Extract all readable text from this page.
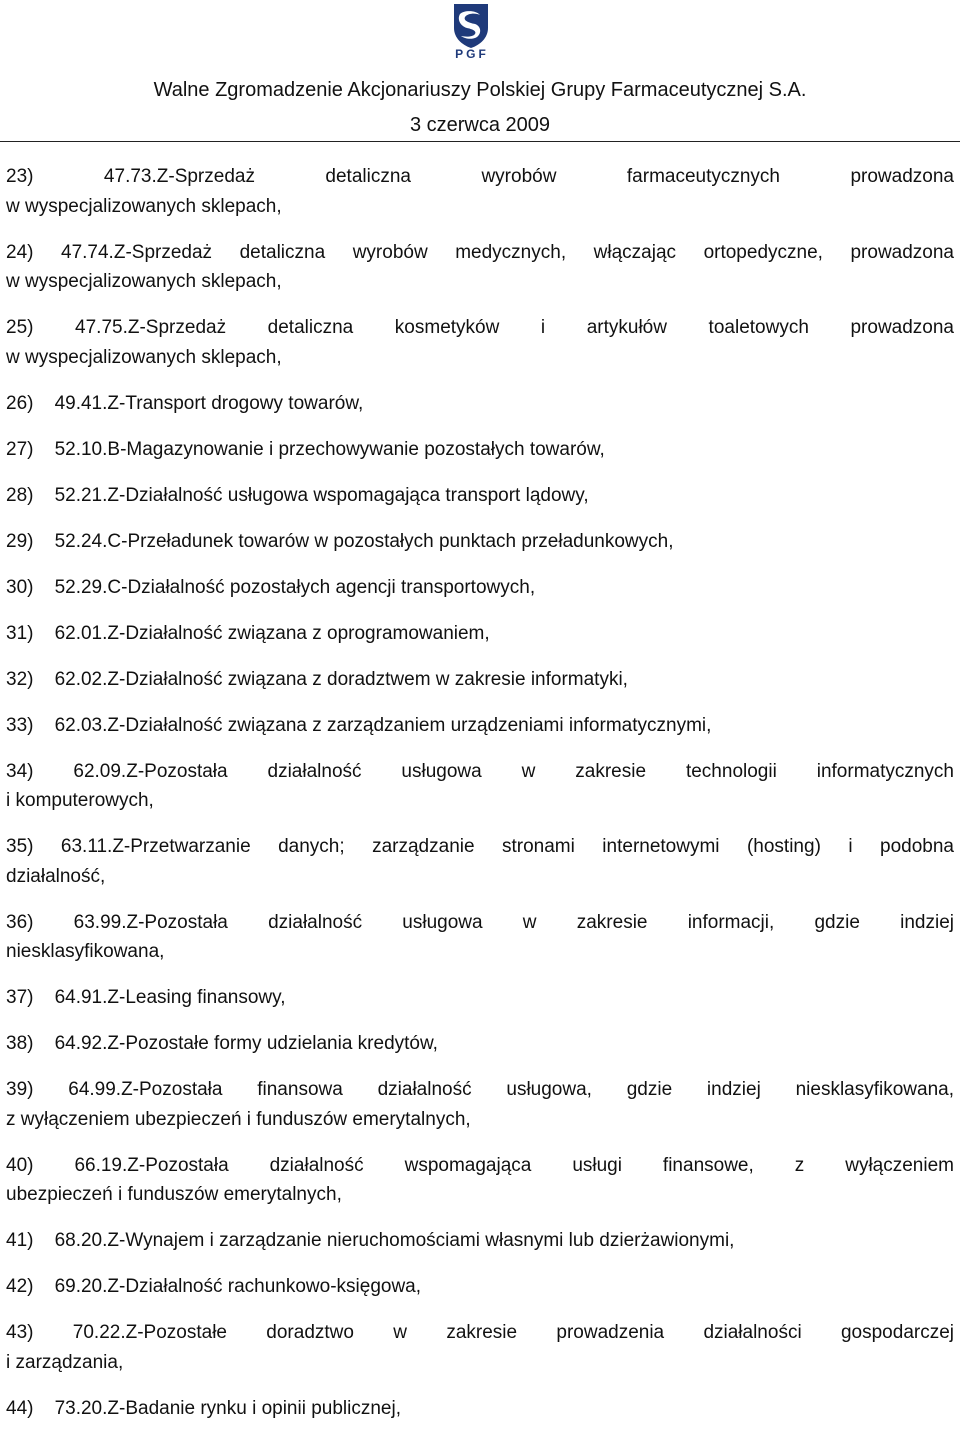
PGF
Walne Zgromadzenie Akcjonariuszy Polskiej Grupy Farmaceutycznej S.A.
3 czerwca 2009
23) 47.73.Z-Sprzedaż detaliczna wyrobów farmaceutycznych prowadzona
w wyspecjalizowanych sklepach,
24) 47.74.Z-Sprzedaż detaliczna wyrobów medycznych, włączając ortopedyczne, prowadzona
w wyspecjalizowanych sklepach,
25) 47.75.Z-Sprzedaż detaliczna kosmetyków i artykułów toaletowych prowadzona
w wyspecjalizowanych sklepach,
26)    49.41.Z-Transport drogowy towarów,
27)    52.10.B-Magazynowanie i przechowywanie pozostałych towarów,
28)    52.21.Z-Działalność usługowa wspomagająca transport lądowy,
29)    52.24.C-Przeładunek towarów w pozostałych punktach przeładunkowych,
30)    52.29.C-Działalność pozostałych agencji transportowych,
31)    62.01.Z-Działalność związana z oprogramowaniem,
32)    62.02.Z-Działalność związana z doradztwem w zakresie informatyki,
33)    62.03.Z-Działalność związana z zarządzaniem urządzeniami informatycznymi,
34) 62.09.Z-Pozostała działalność usługowa w zakresie technologii informatycznych
i komputerowych,
35) 63.11.Z-Przetwarzanie danych; zarządzanie stronami internetowymi (hosting) i podobna
działalność,
36) 63.99.Z-Pozostała działalność usługowa w zakresie informacji, gdzie indziej
niesklasyfikowana,
37)    64.91.Z-Leasing finansowy,
38)    64.92.Z-Pozostałe formy udzielania kredytów,
39) 64.99.Z-Pozostała finansowa działalność usługowa, gdzie indziej niesklasyfikowana,
z wyłączeniem ubezpieczeń i funduszów emerytalnych,
40) 66.19.Z-Pozostała działalność wspomagająca usługi finansowe, z wyłączeniem
ubezpieczeń i funduszów emerytalnych,
41)    68.20.Z-Wynajem i zarządzanie nieruchomościami własnymi lub dzierżawionymi,
42)    69.20.Z-Działalność rachunkowo-księgowa,
43) 70.22.Z-Pozostałe doradztwo w zakresie prowadzenia działalności gospodarczej
i zarządzania,
44)    73.20.Z-Badanie rynku i opinii publicznej,
